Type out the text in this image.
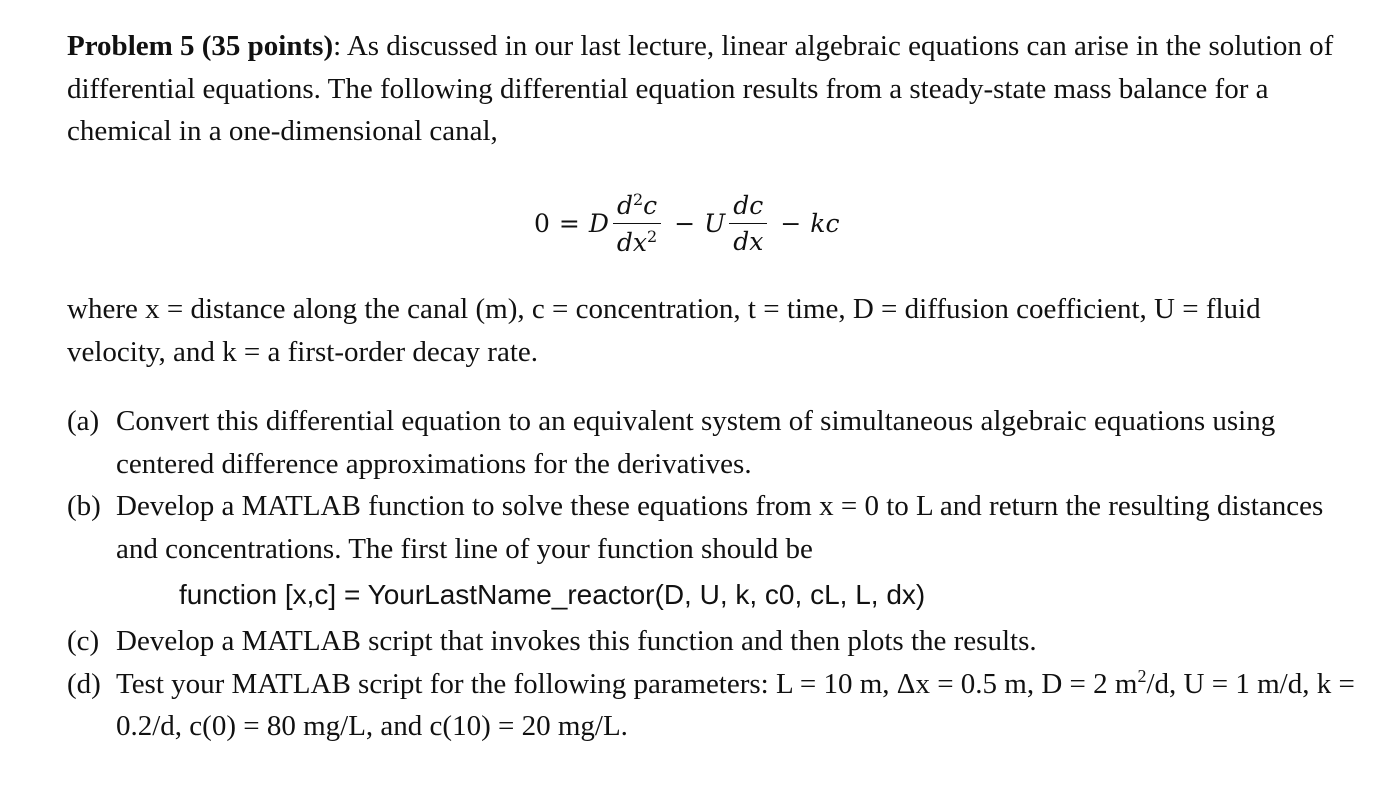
Problem 5 (35 points): As discussed in our last lecture, linear algebraic equations can arise in the solution of differential equations. The following differential equation results from a steady-state mass balance for a chemical in a one-dimensional canal,

0 = D $\frac{d^2c}{dx^2} - U \frac{dc}{dx}$ − kc

where x = distance along the canal (m), c = concentration, t = time, D = diffusion coefficient, U = fluid velocity, and k = a first-order decay rate.

(a) Convert this differential equation to an equivalent system of simultaneous algebraic equations using centered difference approximations for the derivatives.
(b) Develop a MATLAB function to solve these equations from x = 0 to L and return the resulting distances and concentrations. The first line of your function should be
function [x,c] = YourLastName_reactor(D, U, k, c0, cL, L, dx)
(c) Develop a MATLAB script that invokes this function and then plots the results.
(d) Test your MATLAB script for the following parameters: L = 10 m, Δx = 0.5 m, D = 2 $m^2/d$, U = 1 m/d, k = 0.2/d, c(0) = 80 mg/L, and c(10) = 20 mg/L.
